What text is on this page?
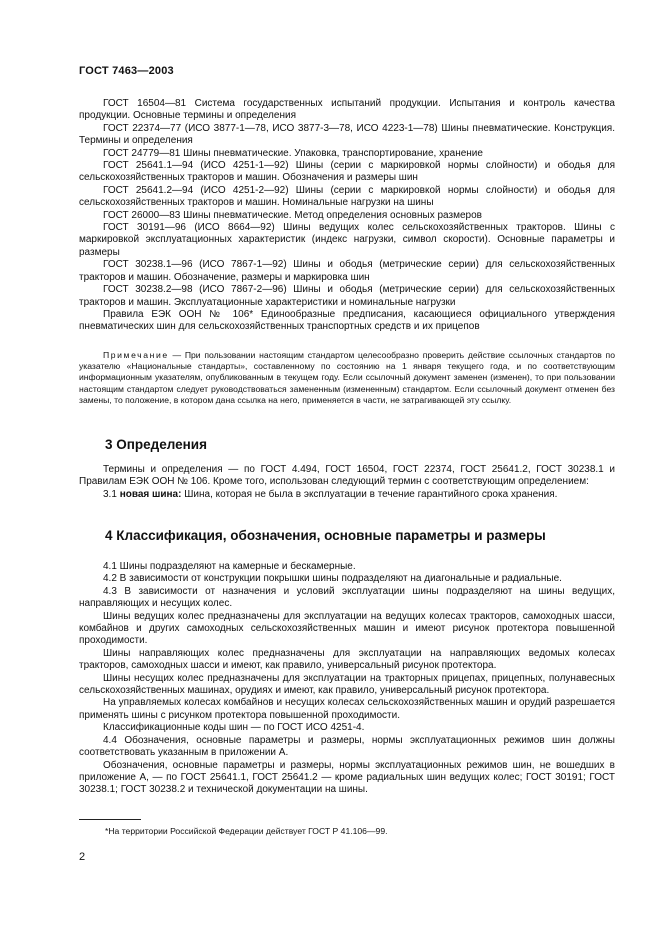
ГОСТ 7463—2003

ГОСТ 16504—81 Система государственных испытаний продукции. Испытания и контроль качества продукции. Основные термины и определения

ГОСТ 22374—77 (ИСО 3877-1—78, ИСО 3877-3—78, ИСО 4223-1—78) Шины пневматические. Конструкция. Термины и определения

ГОСТ 24779—81 Шины пневматические. Упаковка, транспортирование, хранение

ГОСТ 25641.1—94 (ИСО 4251-1—92) Шины (серии с маркировкой нормы слойности) и ободья для сельскохозяйственных тракторов и машин. Обозначения и размеры шин

ГОСТ 25641.2—94 (ИСО 4251-2—92) Шины (серии с маркировкой нормы слойности) и ободья для сельскохозяйственных тракторов и машин. Номинальные нагрузки на шины

ГОСТ 26000—83 Шины пневматические. Метод определения основных размеров

ГОСТ 30191—96 (ИСО 8664—92) Шины ведущих колес сельскохозяйственных тракторов. Шины с маркировкой эксплуатационных характеристик (индекс нагрузки, символ скорости). Основные параметры и размеры

ГОСТ 30238.1—96 (ИСО 7867-1—92) Шины и ободья (метрические серии) для сельскохозяйственных тракторов и машин. Обозначение, размеры и маркировка шин

ГОСТ 30238.2—98 (ИСО 7867-2—96) Шины и ободья (метрические серии) для сельскохозяйственных тракторов и машин. Эксплуатационные характеристики и номинальные нагрузки

Правила ЕЭК ООН № 106* Единообразные предписания, касающиеся официального утверждения пневматических шин для сельскохозяйственных транспортных средств и их прицепов

Примечание — При пользовании настоящим стандартом целесообразно проверить действие ссылочных стандартов по указателю «Национальные стандарты», составленному по состоянию на 1 января текущего года, и по соответствующим информационным указателям, опубликованным в текущем году. Если ссылочный документ заменен (изменен), то при пользовании настоящим стандартом следует руководствоваться замененным (измененным) стандартом. Если ссылочный документ отменен без замены, то положение, в котором дана ссылка на него, применяется в части, не затрагивающей эту ссылку.

3 Определения

Термины и определения — по ГОСТ 4.494, ГОСТ 16504, ГОСТ 22374, ГОСТ 25641.2, ГОСТ 30238.1 и Правилам ЕЭК ООН № 106. Кроме того, использован следующий термин с соответствующим определением:

3.1 новая шина: Шина, которая не была в эксплуатации в течение гарантийного срока хранения.

4 Классификация, обозначения, основные параметры и размеры

4.1 Шины подразделяют на камерные и бескамерные.

4.2 В зависимости от конструкции покрышки шины подразделяют на диагональные и радиальные.

4.3 В зависимости от назначения и условий эксплуатации шины подразделяют на шины ведущих, направляющих и несущих колес.

Шины ведущих колес предназначены для эксплуатации на ведущих колесах тракторов, самоходных шасси, комбайнов и других самоходных сельскохозяйственных машин и имеют рисунок протектора повышенной проходимости.

Шины направляющих колес предназначены для эксплуатации на направляющих ведомых колесах тракторов, самоходных шасси и имеют, как правило, универсальный рисунок протектора.

Шины несущих колес предназначены для эксплуатации на тракторных прицепах, прицепных, полунавесных сельскохозяйственных машинах, орудиях и имеют, как правило, универсальный рисунок протектора.

На управляемых колесах комбайнов и несущих колесах сельскохозяйственных машин и орудий разрешается применять шины с рисунком протектора повышенной проходимости.

Классификационные коды шин — по ГОСТ ИСО 4251-4.

4.4 Обозначения, основные параметры и размеры, нормы эксплуатационных режимов шин должны соответствовать указанным в приложении А.

Обозначения, основные параметры и размеры, нормы эксплуатационных режимов шин, не вошедших в приложение А, — по ГОСТ 25641.1, ГОСТ 25641.2 — кроме радиальных шин ведущих колес; ГОСТ 30191; ГОСТ 30238.1; ГОСТ 30238.2 и технической документации на шины.

*На территории Российской Федерации действует ГОСТ Р 41.106—99.
2
